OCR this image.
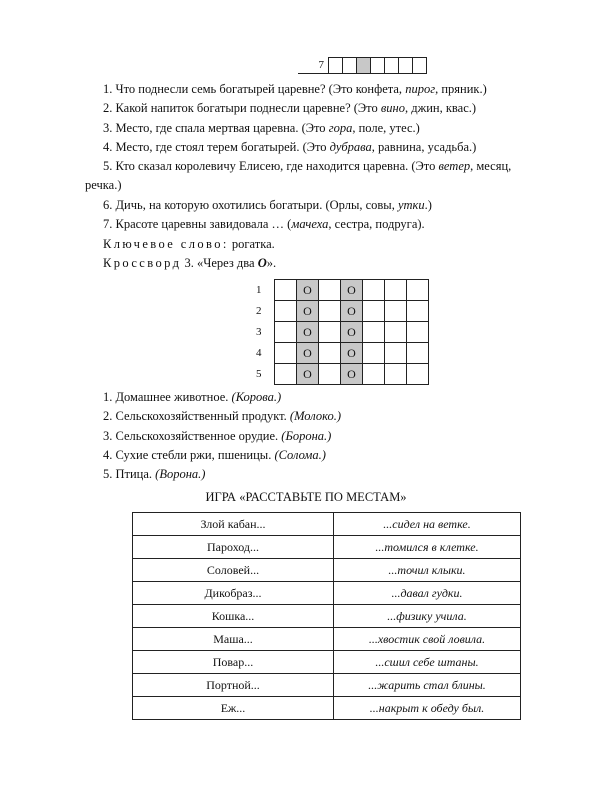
7							
1. Что поднесли семь богатырей царевне? (Это конфета, пирог, пряник.)
2. Какой напиток богатыри поднесли царевне? (Это вино, джин, квас.)
3. Место, где спала мертвая царевна. (Это гора, поле, утес.)
4. Место, где стоял терем богатырей. (Это дубрава, равнина, усадьба.)
5. Кто сказал королевичу Елисею, где находится царевна. (Это ветер, месяц,
речка.)
6. Дичь, на которую охотились богатыри. (Орлы, совы, утки.)
7. Красоте царевны завидовала … (мачеха, сестра, подруга).
Ключевое слово: рогатка.
Кроссворд 3. «Через два О».
1		О		О			
2		О		О			
3		О		О			
4		О		О			
5		О		О			
1. Домашнее животное. (Корова.)
2. Сельскохозяйственный продукт. (Молоко.)
3. Сельскохозяйственное орудие. (Борона.)
4. Сухие стебли ржи, пшеницы. (Солома.)
5. Птица. (Ворона.)
ИГРА «РАССТАВЬТЕ ПО МЕСТАМ»
Злой кабан...	...сидел на ветке.
Пароход...	...томился в клетке.
Соловей...	...точил клыки.
Дикобраз...	...давал гудки.
Кошка...	...физику учила.
Маша...	...хвостик свой ловила.
Повар...	...сшил себе штаны.
Портной...	...жарить стал блины.
Еж...	...накрыт к обеду был.
